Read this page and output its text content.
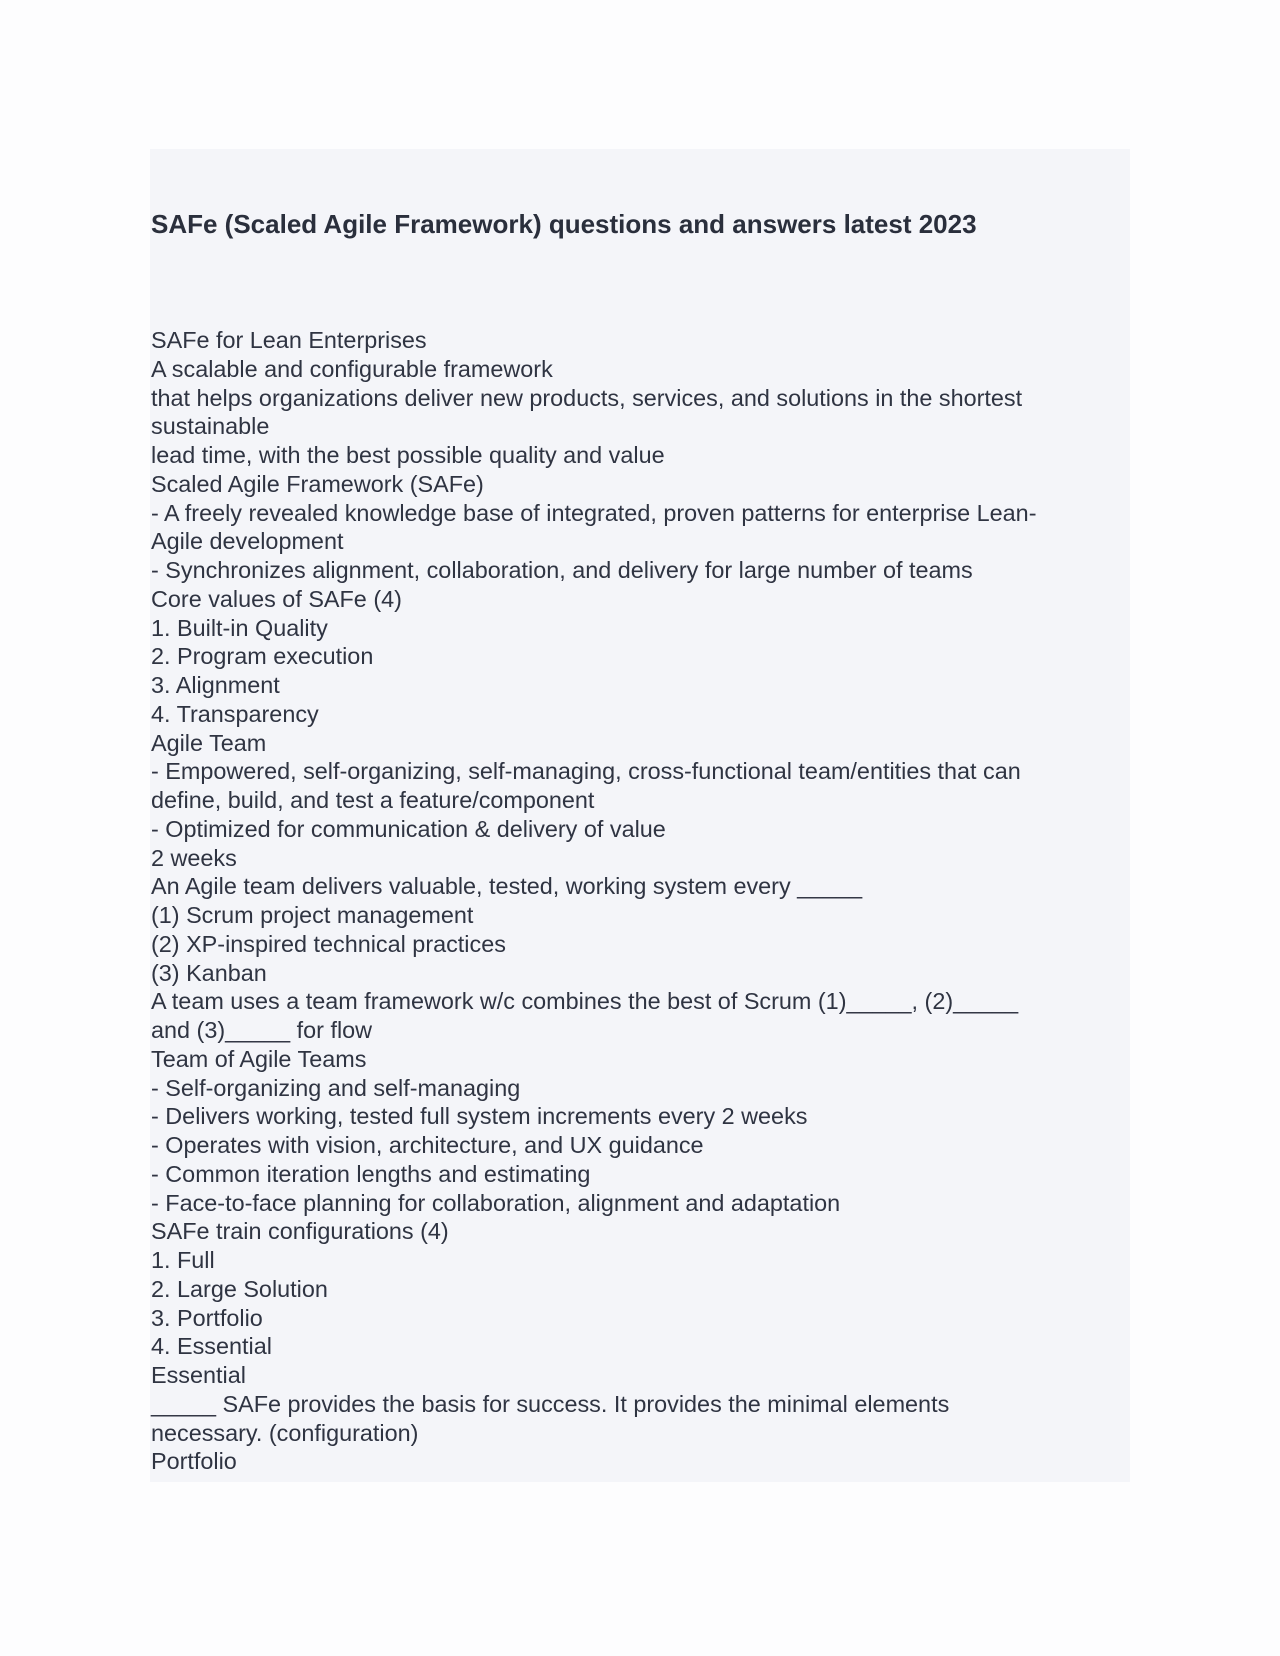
SAFe (Scaled Agile Framework) questions and answers latest 2023
SAFe for Lean Enterprises
A scalable and configurable framework
that helps organizations deliver new products, services, and solutions in the shortest
sustainable
lead time, with the best possible quality and value
Scaled Agile Framework (SAFe)
- A freely revealed knowledge base of integrated, proven patterns for enterprise Lean-
Agile development
- Synchronizes alignment, collaboration, and delivery for large number of teams
Core values of SAFe (4)
1. Built-in Quality
2. Program execution
3. Alignment
4. Transparency
Agile Team
- Empowered, self-organizing, self-managing, cross-functional team/entities that can
define, build, and test a feature/component
- Optimized for communication & delivery of value
2 weeks
An Agile team delivers valuable, tested, working system every _____
(1) Scrum project management
(2) XP-inspired technical practices
(3) Kanban
A team uses a team framework w/c combines the best of Scrum (1)_____, (2)_____
and (3)_____ for flow
Team of Agile Teams
- Self-organizing and self-managing
- Delivers working, tested full system increments every 2 weeks
- Operates with vision, architecture, and UX guidance
- Common iteration lengths and estimating
- Face-to-face planning for collaboration, alignment and adaptation
SAFe train configurations (4)
1. Full
2. Large Solution
3. Portfolio
4. Essential
Essential
_____ SAFe provides the basis for success. It provides the minimal elements
necessary. (configuration)
Portfolio
